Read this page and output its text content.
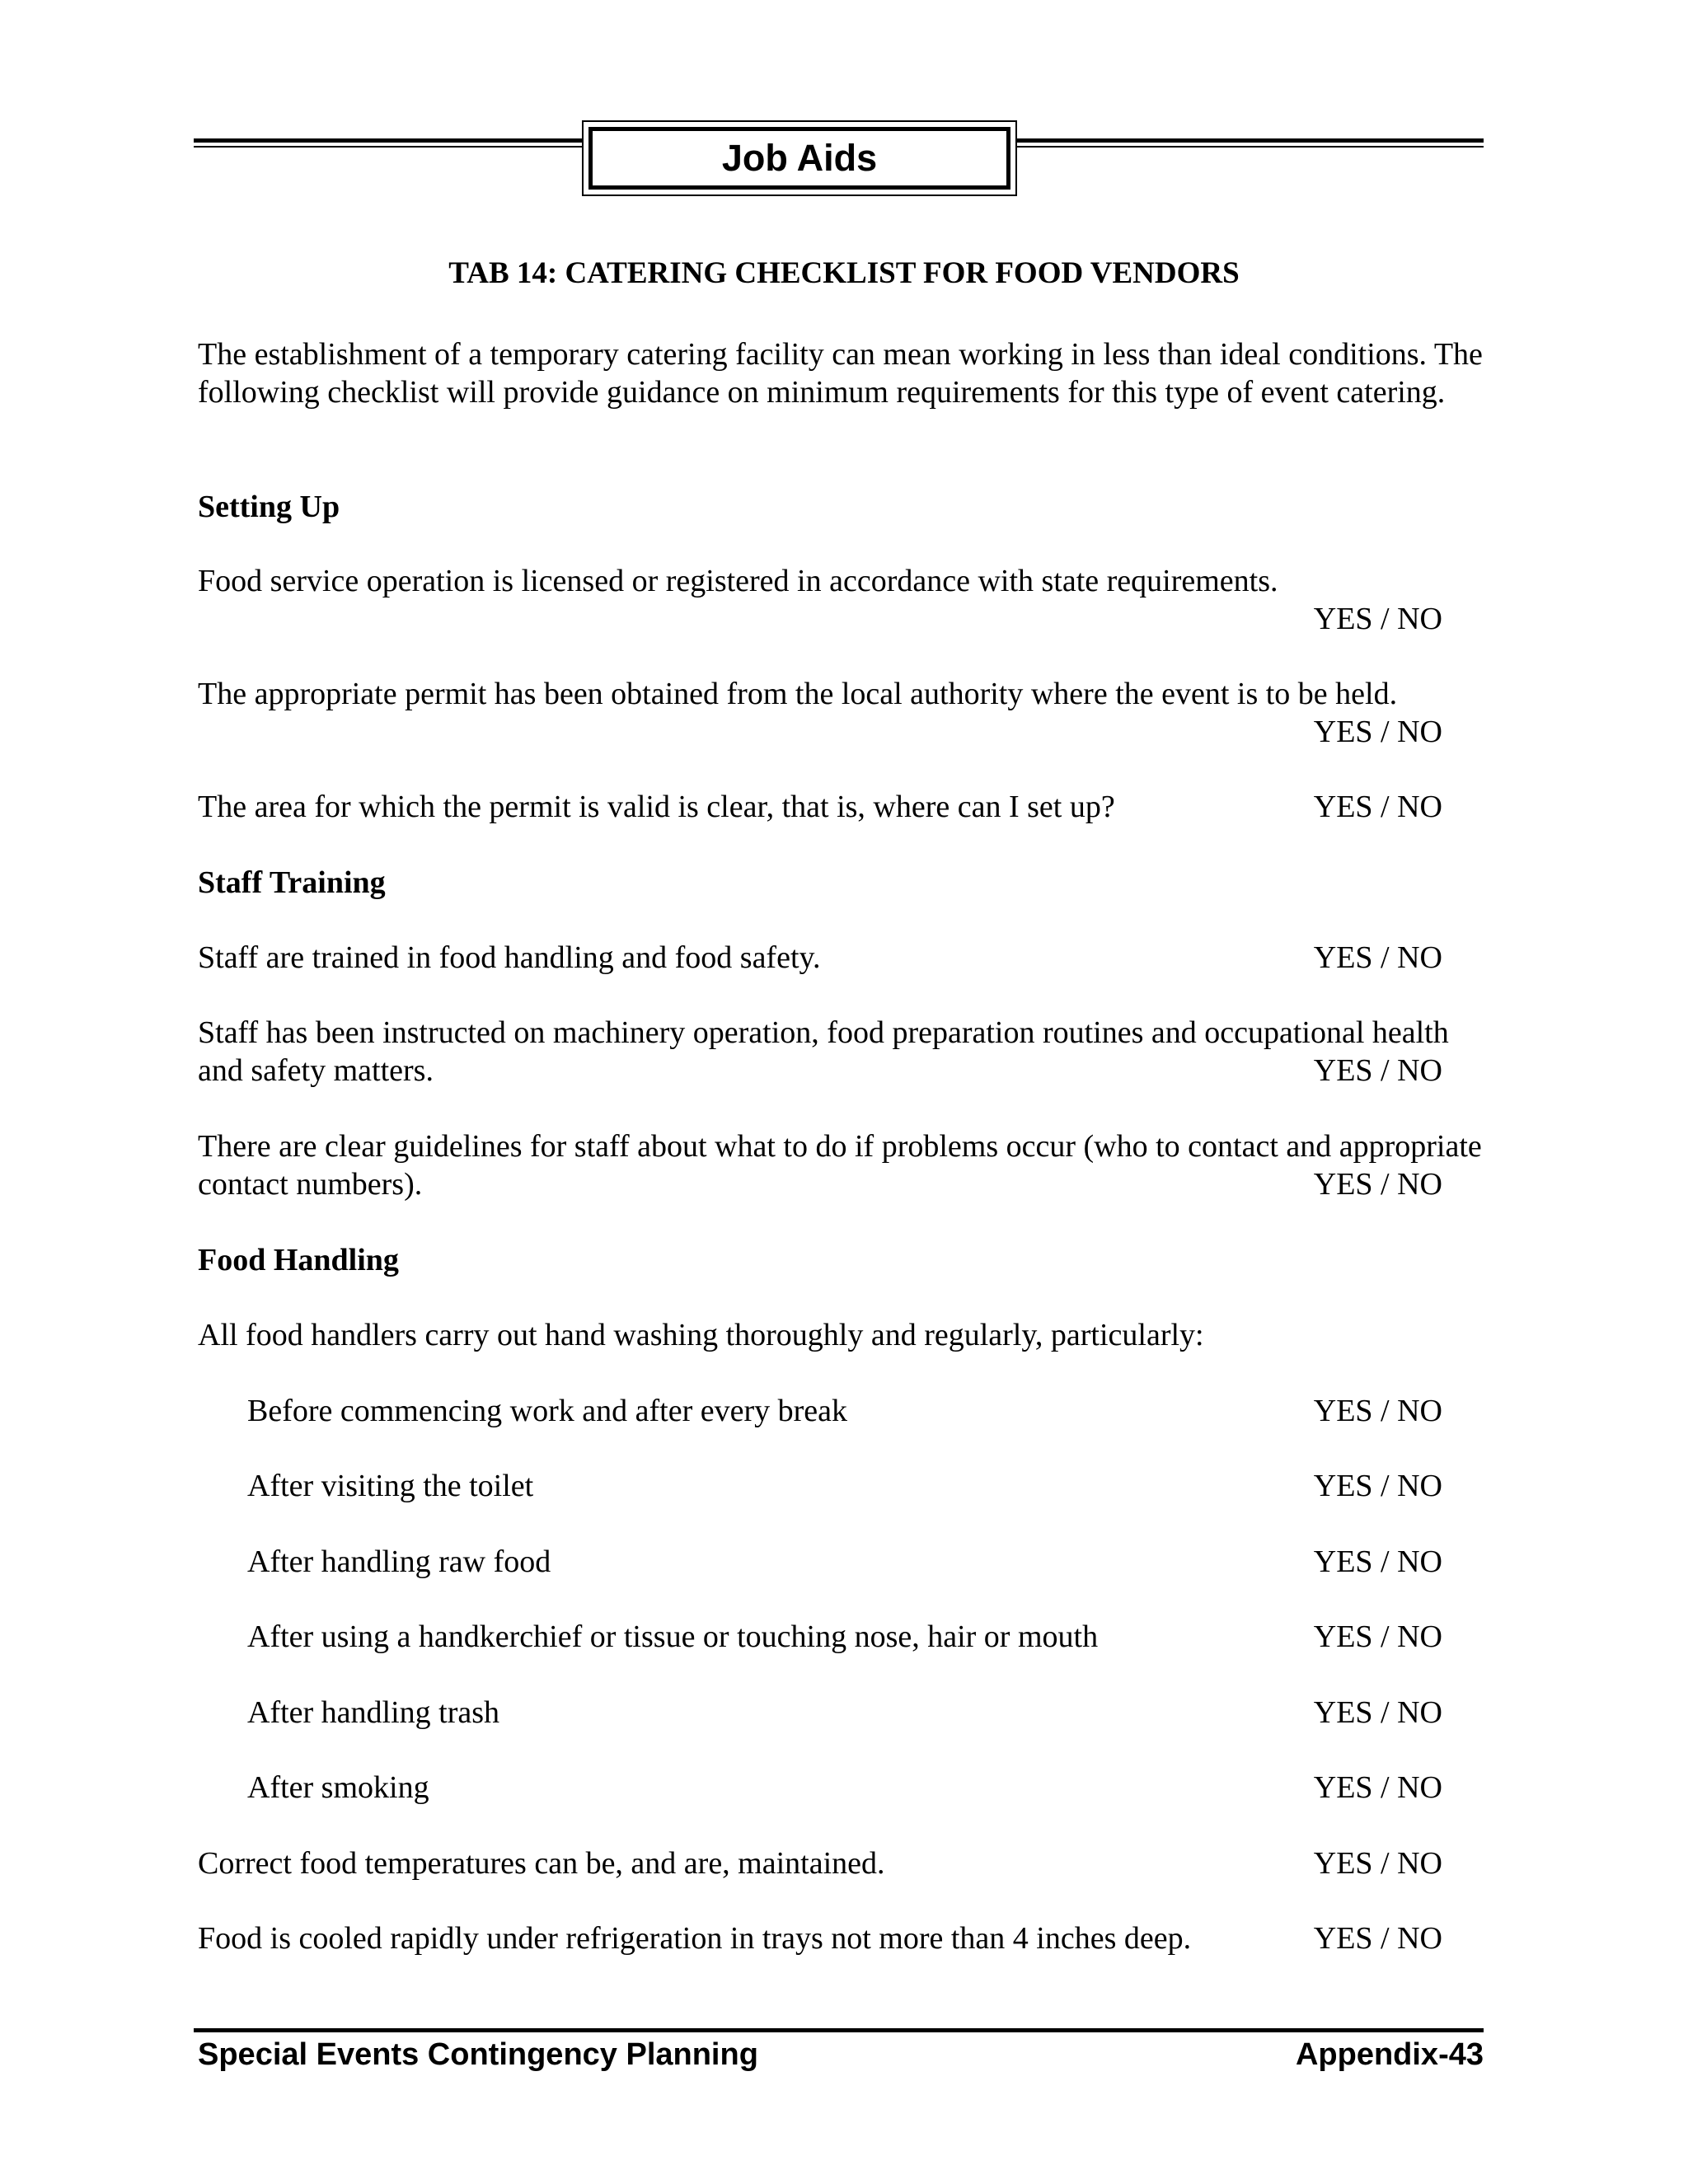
Job Aids
TAB 14: CATERING CHECKLIST FOR FOOD VENDORS

The establishment of a temporary catering facility can mean working in less than ideal conditions. The following checklist will provide guidance on minimum requirements for this type of event catering.

Setting Up
Food service operation is licensed or registered in accordance with state requirements.

YES / NO
The appropriate permit has been obtained from the local authority where the event is to be held.

YES / NO
The area for which the permit is valid is clear, that is, where can I set up?	YES / NO
Staff Training
Staff are trained in food handling and food safety.	YES / NO
Staff has been instructed on machinery operation, food preparation routines and occupational health and safety matters.	YES / NO
There are clear guidelines for staff about what to do if problems occur (who to contact and appropriate contact numbers).	YES / NO
Food Handling
All food handlers carry out hand washing thoroughly and regularly, particularly:
Before commencing work and after every break	YES / NO
After visiting the toilet	YES / NO
After handling raw food	YES / NO
After using a handkerchief or tissue or touching nose, hair or mouth	YES / NO
After handling trash	YES / NO
After smoking	YES / NO
Correct food temperatures can be, and are, maintained.	YES / NO
Food is cooled rapidly under refrigeration in trays not more than 4 inches deep.	YES / NO
Special Events Contingency Planning	Appendix-43
